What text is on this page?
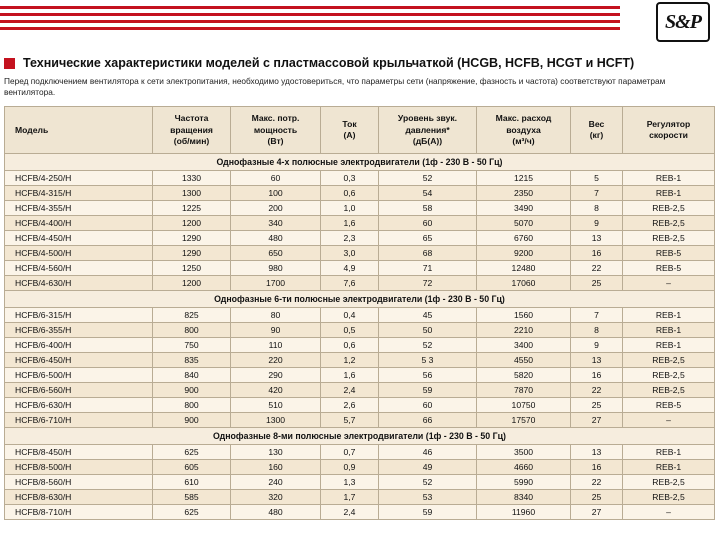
S&P
Технические характеристики моделей с пластмассовой крыльчаткой (HCGB, HCFB, HCGT и HCFT)
Перед подключением вентилятора к сети электропитания, необходимо удостовериться, что параметры сети (напряжение, фазность и частота) соответствуют параметрам вентилятора.
Модель	Частота
вращения
(об/мин)	Макс. потр.
мощность
(Вт)	Ток
(А)	Уровень звук.
давления*
(дБ(А))	Макс. расход
воздуха
(м³/ч)	Вес
(кг)	Регулятор
скорости
Однофазные 4-х полюсные электродвигатели (1ф - 230 В - 50 Гц)							
HCFB/4-250/H	1330	60	0,3	52	1215	5	REB-1
HCFB/4-315/H	1300	100	0,6	54	2350	7	REB-1
HCFB/4-355/H	1225	200	1,0	58	3490	8	REB-2,5
HCFB/4-400/H	1200	340	1,6	60	5070	9	REB-2,5
HCFB/4-450/H	1290	480	2,3	65	6760	13	REB-2,5
HCFB/4-500/H	1290	650	3,0	68	9200	16	REB-5
HCFB/4-560/H	1250	980	4,9	71	12480	22	REB-5
HCFB/4-630/H	1200	1700	7,6	72	17060	25	–
Однофазные 6-ти полюсные электродвигатели (1ф - 230 В - 50 Гц)							
HCFB/6-315/H	825	80	0,4	45	1560	7	REB-1
HCFB/6-355/H	800	90	0,5	50	2210	8	REB-1
HCFB/6-400/H	750	110	0,6	52	3400	9	REB-1
HCFB/6-450/H	835	220	1,2	5 3	4550	13	REB-2,5
HCFB/6-500/H	840	290	1,6	56	5820	16	REB-2,5
HCFB/6-560/H	900	420	2,4	59	7870	22	REB-2,5
HCFB/6-630/H	800	510	2,6	60	10750	25	REB-5
HCFB/6-710/H	900	1300	5,7	66	17570	27	–
Однофазные 8-ми полюсные электродвигатели (1ф - 230 В - 50 Гц)							
HCFB/8-450/H	625	130	0,7	46	3500	13	REB-1
HCFB/8-500/H	605	160	0,9	49	4660	16	REB-1
HCFB/8-560/H	610	240	1,3	52	5990	22	REB-2,5
HCFB/8-630/H	585	320	1,7	53	8340	25	REB-2,5
HCFB/8-710/H	625	480	2,4	59	11960	27	–
